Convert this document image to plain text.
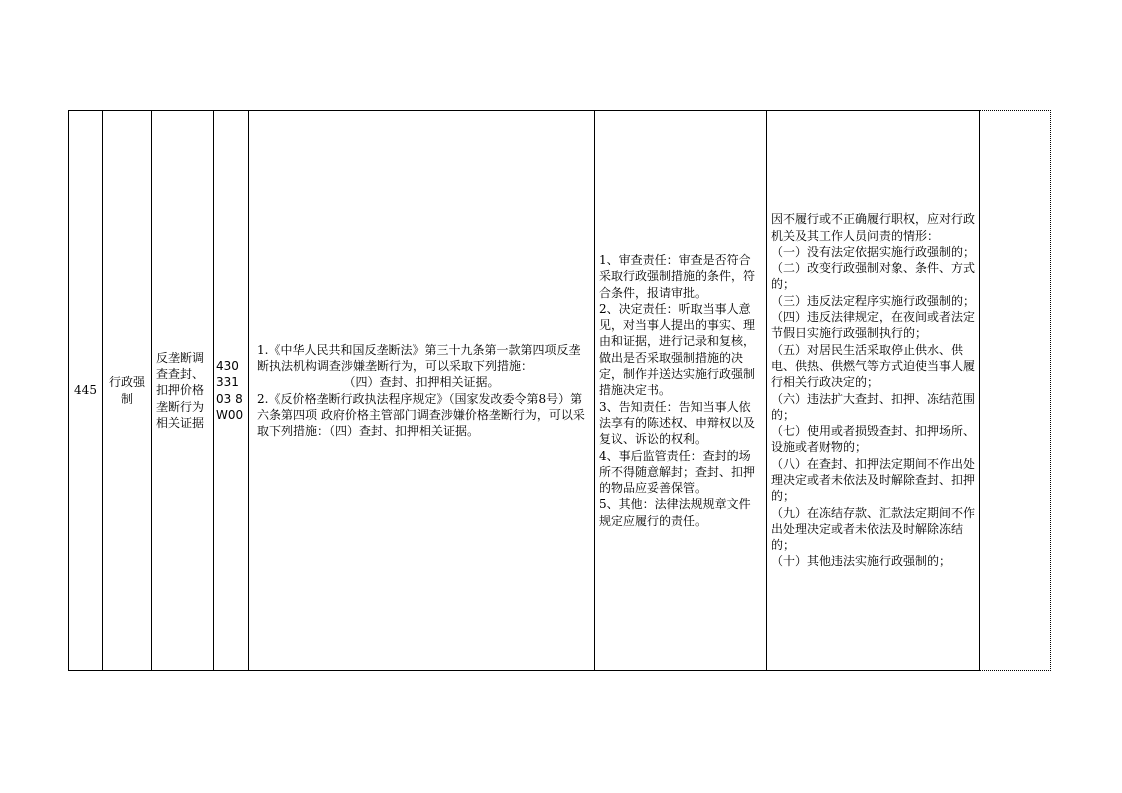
445

行政强制

反垄断调查查封、扣押价格垄断行为相关证据

43033103 8W00

1.《中华人民共和国反垄断法》第三十九条第一款第四项反垄断执法机构调查涉嫌垄断行为，可以采取下列措施：
（四）查封、扣押相关证据。
2.《反价格垄断行政执法程序规定》（国家发改委令第8号）第六条第四项 政府价格主管部门调查涉嫌价格垄断行为，可以采取下列措施：（四）查封、扣押相关证据。

1、审查责任：审查是否符合采取行政强制措施的条件，符合条件，报请审批。
2、决定责任：听取当事人意见，对当事人提出的事实、理由和证据，进行记录和复核，做出是否采取强制措施的决定，制作并送达实施行政强制措施决定书。
3、告知责任：告知当事人依法享有的陈述权、申辩权以及复议、诉讼的权利。
4、事后监管责任：查封的场所不得随意解封；查封、扣押的物品应妥善保管。
5、其他：法律法规规章文件规定应履行的责任。

因不履行或不正确履行职权，应对行政机关及其工作人员问责的情形：
（一）没有法定依据实施行政强制的；
（二）改变行政强制对象、条件、方式的；
（三）违反法定程序实施行政强制的；
（四）违反法律规定，在夜间或者法定节假日实施行政强制执行的；
（五）对居民生活采取停止供水、供电、供热、供燃气等方式迫使当事人履行相关行政决定的；
（六）违法扩大查封、扣押、冻结范围的；
（七）使用或者损毁查封、扣押场所、设施或者财物的；
（八）在查封、扣押法定期间不作出处理决定或者未依法及时解除查封、扣押的；
（九）在冻结存款、汇款法定期间不作出处理决定或者未依法及时解除冻结的；
（十）其他违法实施行政强制的；
